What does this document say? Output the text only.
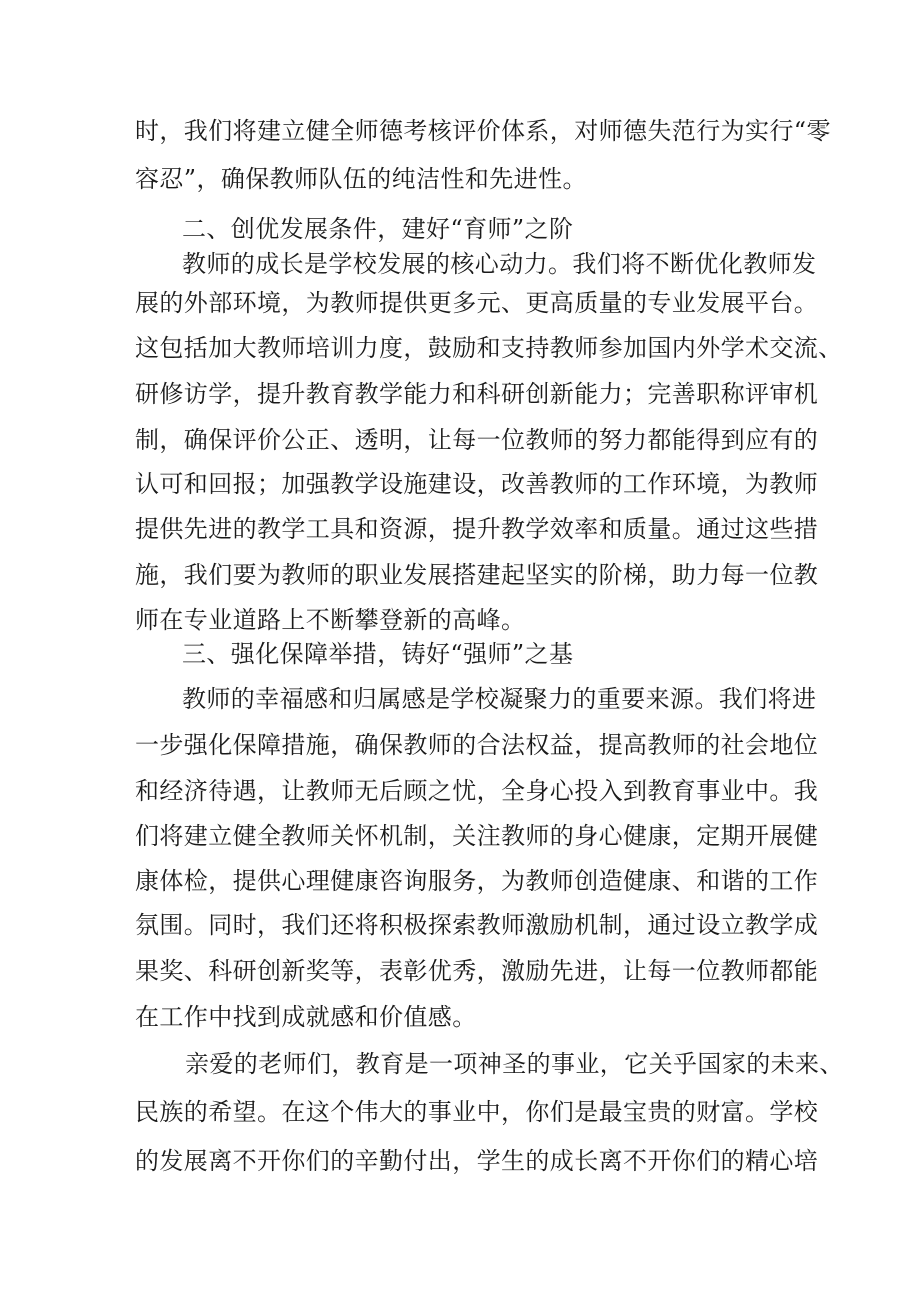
时，我们将建立健全师德考核评价体系，对师德失范行为实行“零
容忍”，确保教师队伍的纯洁性和先进性。
二、创优发展条件，建好“育师”之阶
教师的成长是学校发展的核心动力。我们将不断优化教师发
展的外部环境，为教师提供更多元、更高质量的专业发展平台。
这包括加大教师培训力度，鼓励和支持教师参加国内外学术交流、
研修访学，提升教育教学能力和科研创新能力；完善职称评审机
制，确保评价公正、透明，让每一位教师的努力都能得到应有的
认可和回报；加强教学设施建设，改善教师的工作环境，为教师
提供先进的教学工具和资源，提升教学效率和质量。通过这些措
施，我们要为教师的职业发展搭建起坚实的阶梯，助力每一位教
师在专业道路上不断攀登新的高峰。
三、强化保障举措，铸好“强师”之基
教师的幸福感和归属感是学校凝聚力的重要来源。我们将进
一步强化保障措施，确保教师的合法权益，提高教师的社会地位
和经济待遇，让教师无后顾之忧，全身心投入到教育事业中。我
们将建立健全教师关怀机制，关注教师的身心健康，定期开展健
康体检，提供心理健康咨询服务，为教师创造健康、和谐的工作
氛围。同时，我们还将积极探索教师激励机制，通过设立教学成
果奖、科研创新奖等，表彰优秀，激励先进，让每一位教师都能
在工作中找到成就感和价值感。
亲爱的老师们，教育是一项神圣的事业，它关乎国家的未来、
民族的希望。在这个伟大的事业中，你们是最宝贵的财富。学校
的发展离不开你们的辛勤付出，学生的成长离不开你们的精心培
